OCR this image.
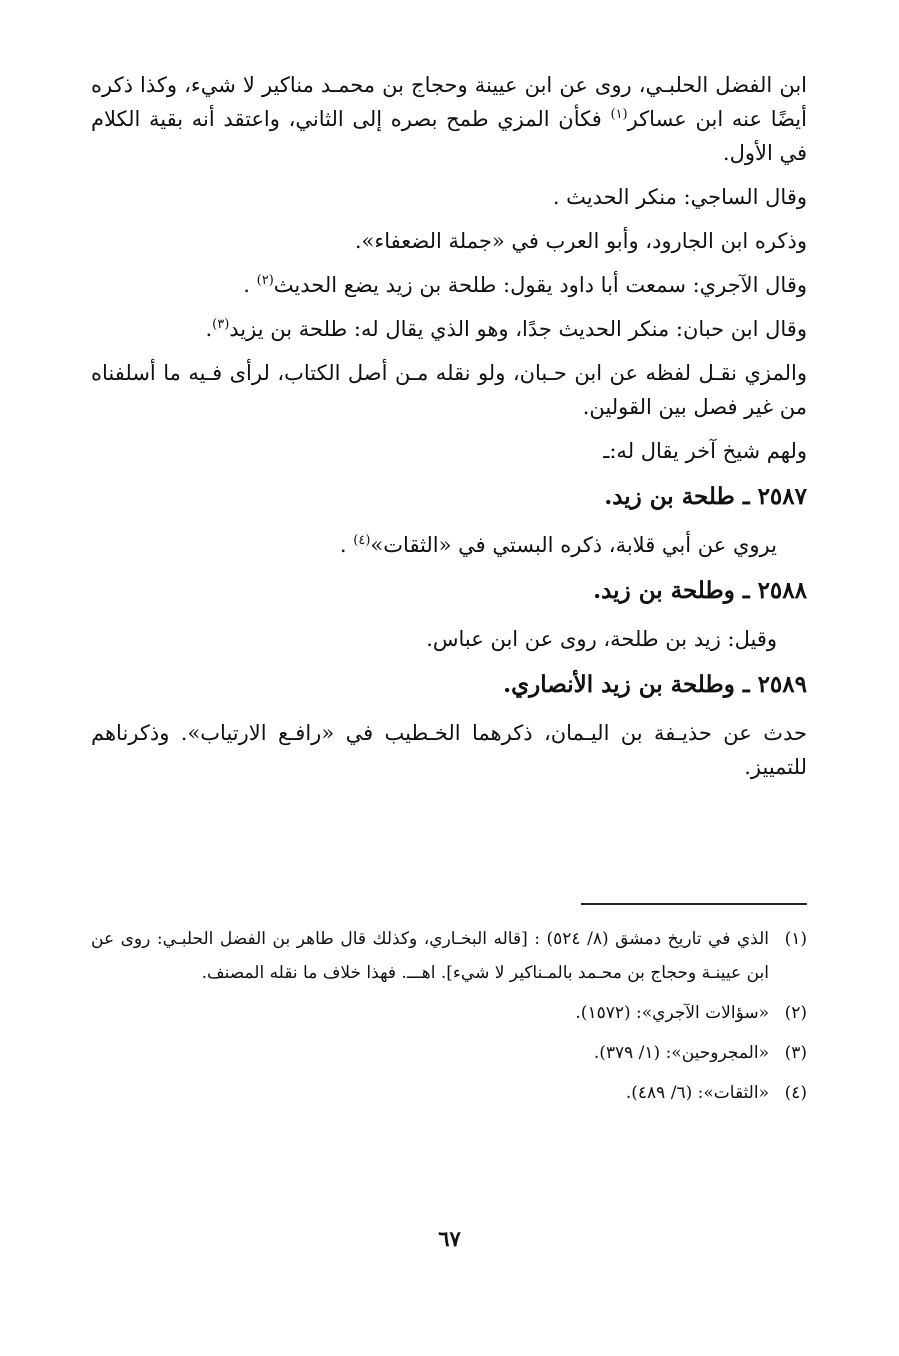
ابن الفضل الحلبـي، روى عن ابن عيينة وحجاج بن محمـد مناكير لا شيء، وكذا ذكره أيضًا عنه ابن عساكر$^{(١)}$ فكأن المزي طمح بصره إلى الثاني، واعتقد أنه بقية الكلام في الأول.

وقال الساجي: منكر الحديث .

وذكره ابن الجارود، وأبو العرب في «جملة الضعفاء».

وقال الآجري: سمعت أبا داود يقول: طلحة بن زيد يضع الحديث$^{(٢)}$ .

وقال ابن حبان: منكر الحديث جدًا، وهو الذي يقال له: طلحة بن يزيد$^{(٣)}$.

والمزي نقـل لفظه عن ابن حـبان، ولو نقله مـن أصل الكتاب، لرأى فـيه ما أسلفناه من غير فصل بين القولين.

ولهم شيخ آخر يقال له:ـ

٢٥٨٧ ـ طلحة بن زيد.

يروي عن أبي قلابة، ذكره البستي في «الثقات»$^{(٤)}$ .

٢٥٨٨ ـ وطلحة بن زيد.

وقيل: زيد بن طلحة، روى عن ابن عباس.

٢٥٨٩ ـ وطلحة بن زيد الأنصاري.

حدث عن حذيـفة بن اليـمان، ذكرهما الخـطيب في «رافـع الارتياب». وذكرناهم للتمييز.

(١)
الذي في تاريخ دمشق (٨/ ٥٢٤) : [قاله البخـاري، وكذلك قال طاهر بن الفضل الحلبـي: روى عن ابن عيينـة وحجاج بن محـمد بالمـناكير لا شيء]. اهـــ. فهذا خلاف ما نقله المصنف.
(٢)
«سؤالات الآجري»: (١٥٧٢).
(٣)
«المجروحين»: (١/ ٣٧٩).
(٤)
«الثقات»: (٦/ ٤٨٩).
٦٧
